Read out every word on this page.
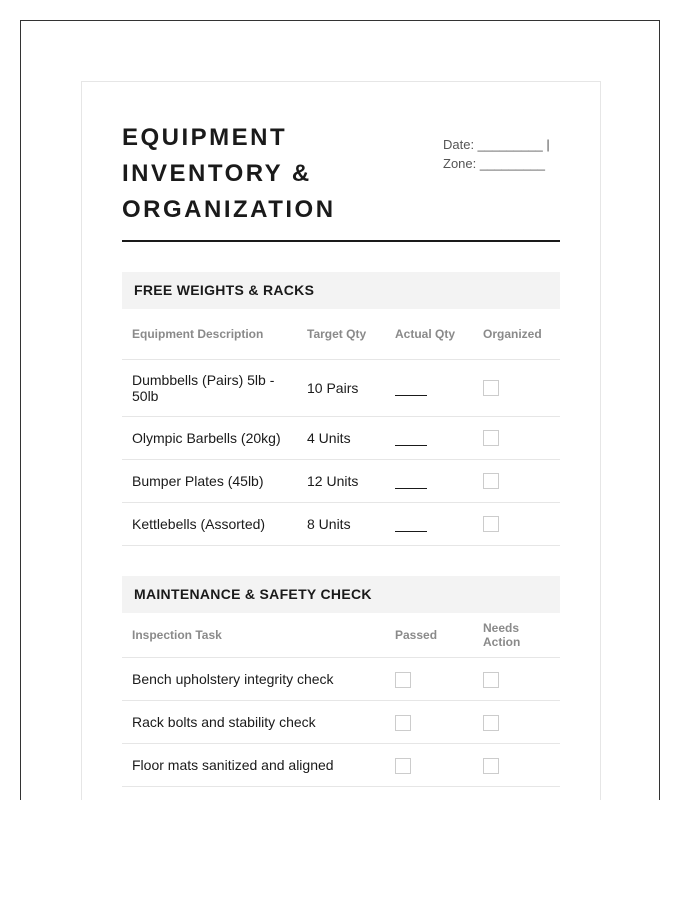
EQUIPMENT
INVENTORY &
ORGANIZATION
Date: _________ |
Zone: _________
FREE WEIGHTS & RACKS
Equipment Description	Target Qty	Actual Qty	Organized
Dumbbells (Pairs) 5lb - 50lb	10 Pairs		
Olympic Barbells (20kg)	4 Units		
Bumper Plates (45lb)	12 Units		
Kettlebells (Assorted)	8 Units		
MAINTENANCE & SAFETY CHECK
Inspection Task	Passed	Needs Action
Bench upholstery integrity check		
Rack bolts and stability check		
Floor mats sanitized and aligned		
